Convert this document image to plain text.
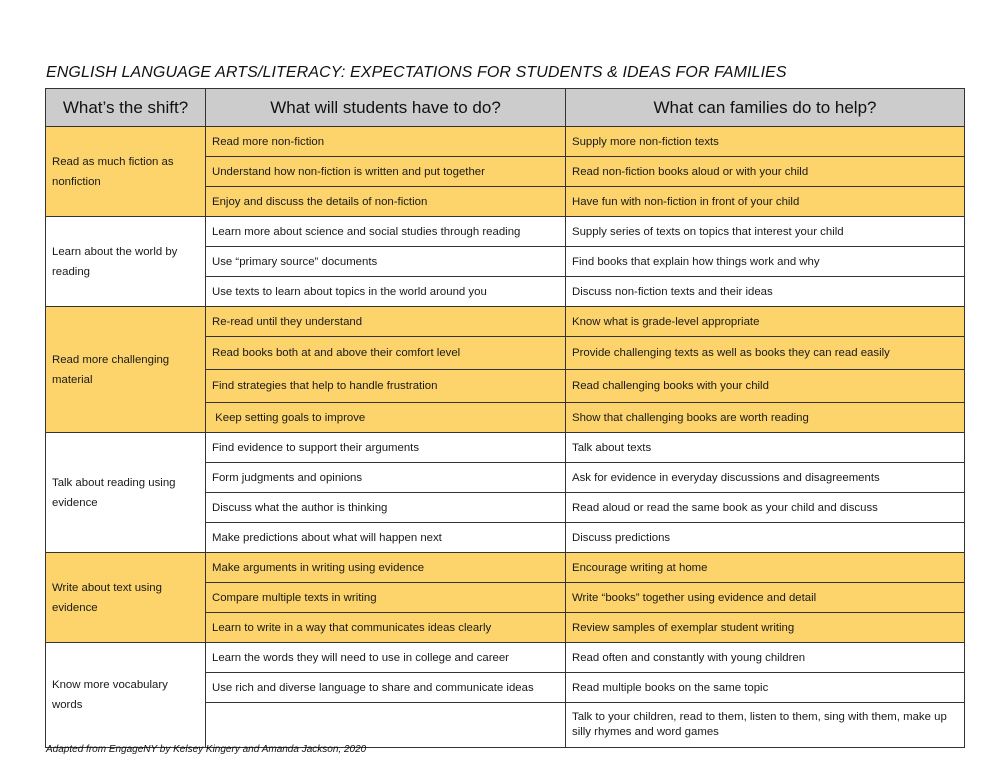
ENGLISH LANGUAGE ARTS/LITERACY: EXPECTATIONS FOR STUDENTS & IDEAS FOR FAMILIES
What’s the shift?	What will students have to do?	What can families do to help?
Read as much fiction as nonfiction	Read more non-fiction	Supply more non-fiction texts
	Understand how non-fiction is written and put together	Read non-fiction books aloud or with your child
	Enjoy and discuss the details of non-fiction	Have fun with non-fiction in front of your child
Learn about the world by reading	Learn more about science and social studies through reading	Supply series of texts on topics that interest your child
	Use “primary source” documents	Find books that explain how things work and why
	Use texts to learn about topics in the world around you	Discuss non-fiction texts and their ideas
Read more challenging material	Re-read until they understand	Know what is grade-level appropriate
	Read books both at and above their comfort level	Provide challenging texts as well as books they can read easily
	Find strategies that help to handle frustration	Read challenging books with your child
	Keep setting goals to improve	Show that challenging books are worth reading
Talk about reading using evidence	Find evidence to support their arguments	Talk about texts
	Form judgments and opinions	Ask for evidence in everyday discussions and disagreements
	Discuss what the author is thinking	Read aloud or read the same book as your child and discuss
	Make predictions about what will happen next	Discuss predictions
Write about text using evidence	Make arguments in writing using evidence	Encourage writing at home
	Compare multiple texts in writing	Write “books” together using evidence and detail
	Learn to write in a way that communicates ideas clearly	Review samples of exemplar student writing
Know more vocabulary words	Learn the words they will need to use in college and career	Read often and constantly with young children
	Use rich and diverse language to share and communicate ideas	Read multiple books on the same topic
		Talk to your children, read to them, listen to them, sing with them, make up silly rhymes and word games
Adapted from EngageNY by Kelsey Kingery and Amanda Jackson, 2020
